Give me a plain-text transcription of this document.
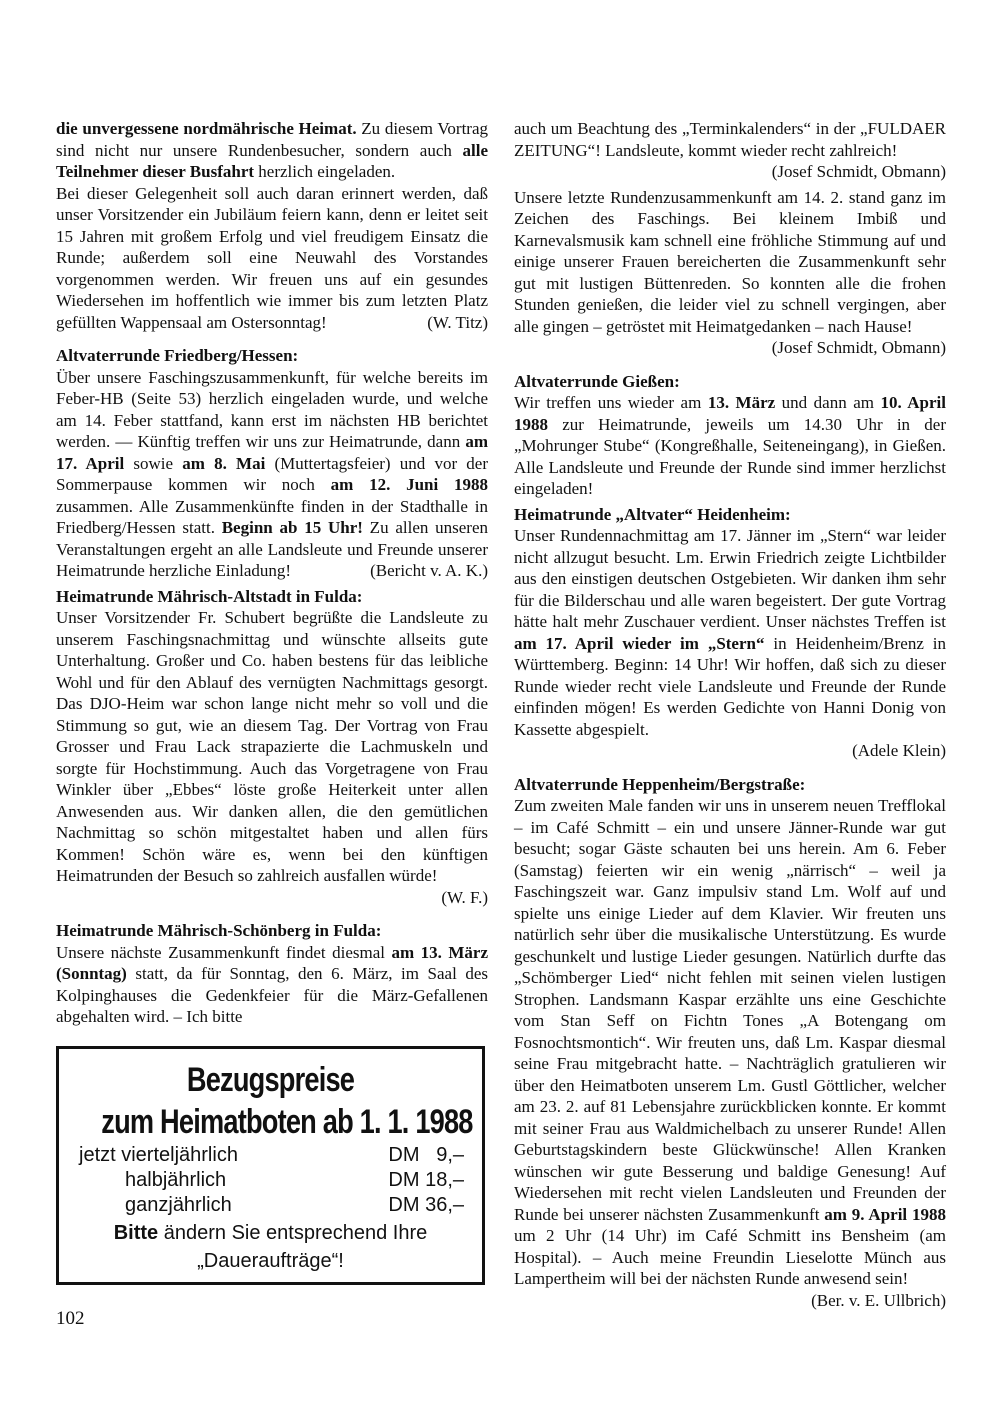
die unvergessene nordmährische Heimat. Zu diesem Vortrag sind nicht nur unsere Rundenbesucher, sondern auch alle Teilnehmer dieser Busfahrt herzlich eingeladen.

Bei dieser Gelegenheit soll auch daran erinnert werden, daß unser Vorsitzender ein Jubiläum feiern kann, denn er leitet seit 15 Jahren mit großem Erfolg und viel freudigem Einsatz die Runde; außerdem soll eine Neuwahl des Vorstandes vorgenommen werden. Wir freuen uns auf ein gesundes Wiedersehen im hoffentlich wie immer bis zum letzten Platz gefüllten Wappensaal am Ostersonntag!	(W. Titz)

Altvaterrunde Friedberg/Hessen:

Über unsere Faschingszusammenkunft, für welche bereits im Feber-HB (Seite 53) herzlich eingeladen wurde, und welche am 14. Feber stattfand, kann erst im nächsten HB berichtet werden. — Künftig treffen wir uns zur Heimatrunde, dann am 17. April sowie am 8. Mai (Muttertagsfeier) und vor der Sommerpause kommen wir noch am 12. Juni 1988 zusammen. Alle Zusammenkünfte finden in der Stadthalle in Friedberg/Hessen statt. Beginn ab 15 Uhr! Zu allen unseren Veranstaltungen ergeht an alle Landsleute und Freunde unserer Heimatrunde herzliche Einladung!	(Bericht v. A. K.)

Heimatrunde Mährisch-Altstadt in Fulda:

Unser Vorsitzender Fr. Schubert begrüßte die Landsleute zu unserem Faschingsnachmittag und wünschte allseits gute Unterhaltung. Großer und Co. haben bestens für das leibliche Wohl und für den Ablauf des vernügten Nachmittags gesorgt. Das DJO-Heim war schon lange nicht mehr so voll und die Stimmung so gut, wie an diesem Tag. Der Vortrag von Frau Grosser und Frau Lack strapazierte die Lachmuskeln und sorgte für Hochstimmung. Auch das Vorgetragene von Frau Winkler über „Ebbes“ löste große Heiterkeit unter allen Anwesenden aus. Wir danken allen, die den gemütlichen Nachmittag so schön mitgestaltet haben und allen fürs Kommen! Schön wäre es, wenn bei den künftigen Heimatrunden der Besuch so zahlreich ausfallen würde!
(W. F.)

Heimatrunde Mährisch-Schönberg in Fulda:

Unsere nächste Zusammenkunft findet diesmal am 13. März (Sonntag) statt, da für Sonntag, den 6. März, im Saal des Kolpinghauses die Gedenkfeier für die März-Gefallenen abgehalten wird. – Ich bitte

Bezugspreise
zum Heimatboten ab 1. 1. 1988
jetzt vierteljährlich	DM   9,–
halbjährlich	DM 18,–
ganzjährlich	DM 36,–
Bitte ändern Sie entsprechend Ihre
„Daueraufträge“!
102

auch um Beachtung des „Terminkalenders“ in der „FULDAER ZEITUNG“! Landsleute, kommt wieder recht zahlreich!
(Josef Schmidt, Obmann)

Unsere letzte Rundenzusammenkunft am 14. 2. stand ganz im Zeichen des Faschings. Bei kleinem Imbiß und Karnevalsmusik kam schnell eine fröhliche Stimmung auf und einige unserer Frauen bereicherten die Zusammenkunft sehr gut mit lustigen Büttenreden. So konnten alle die frohen Stunden genießen, die leider viel zu schnell vergingen, aber alle gingen – getröstet mit Heimatgedanken – nach Hause!
(Josef Schmidt, Obmann)

Altvaterrunde Gießen:

Wir treffen uns wieder am 13. März und dann am 10. April 1988 zur Heimatrunde, jeweils um 14.30 Uhr in der „Mohrunger Stube“ (Kongreßhalle, Seiteneingang), in Gießen. Alle Landsleute und Freunde der Runde sind immer herzlichst eingeladen!

Heimatrunde „Altvater“ Heidenheim:

Unser Rundennachmittag am 17. Jänner im „Stern“ war leider nicht allzugut besucht. Lm. Erwin Friedrich zeigte Lichtbilder aus den einstigen deutschen Ostgebieten. Wir danken ihm sehr für die Bilderschau und alle waren begeistert. Der gute Vortrag hätte halt mehr Zuschauer verdient. Unser nächstes Treffen ist am 17. April wieder im „Stern“ in Heidenheim/Brenz in Württemberg. Beginn: 14 Uhr! Wir hoffen, daß sich zu dieser Runde wieder recht viele Landsleute und Freunde der Runde einfinden mögen! Es werden Gedichte von Hanni Donig von Kassette abgespielt.

(Adele Klein)
Altvaterrunde Heppenheim/Bergstraße:

Zum zweiten Male fanden wir uns in unserem neuen Trefflokal – im Café Schmitt – ein und unsere Jänner-Runde war gut besucht; sogar Gäste schauten bei uns herein. Am 6. Feber (Samstag) feierten wir ein wenig „närrisch“ – weil ja Faschingszeit war. Ganz impulsiv stand Lm. Wolf auf und spielte uns einige Lieder auf dem Klavier. Wir freuten uns natürlich sehr über die musikalische Unterstützung. Es wurde geschunkelt und lustige Lieder gesungen. Natürlich durfte das „Schömberger Lied“ nicht fehlen mit seinen vielen lustigen Strophen. Landsmann Kaspar erzählte uns eine Geschichte vom Stan Seff on Fichtn Tones „A Botengang om Fosnochtsmontich“. Wir freuten uns, daß Lm. Kaspar diesmal seine Frau mitgebracht hatte. – Nachträglich gratulieren wir über den Heimatboten unserem Lm. Gustl Göttlicher, welcher am 23. 2. auf 81 Lebensjahre zurückblicken konnte. Er kommt mit seiner Frau aus Waldmichelbach zu unserer Runde! Allen Geburtstagskindern beste Glückwünsche! Allen Kranken wünschen wir gute Besserung und baldige Genesung! Auf Wiedersehen mit recht vielen Landsleuten und Freunden der Runde bei unserer nächsten Zusammenkunft am 9. April 1988 um 2 Uhr (14 Uhr) im Café Schmitt ins Bensheim (am Hospital). – Auch meine Freundin Lieselotte Münch aus Lampertheim will bei der nächsten Runde anwesend sein!

(Ber. v. E. Ullbrich)
